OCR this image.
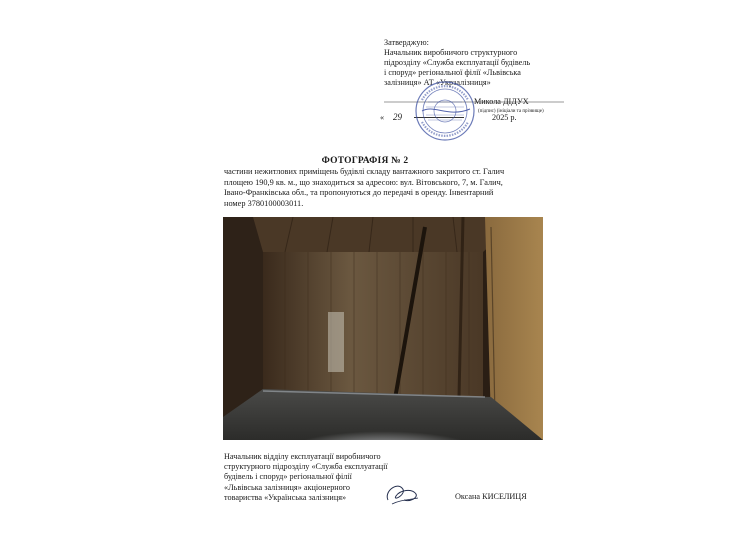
Затверджую:
Начальник виробничого структурного
підрозділу «Служба експлуатації будівель
і споруд» регіональної філії «Львівська
залізниця» АТ «Укрзалізниця»
Микола ДІДУХ
(підпис) (ініціали та прізвище)
« 29	2025 р.
ФОТОГРАФІЯ № 2
частини нежитлових приміщень будівлі складу вантажного закритого ст. Галич
площею 190,9 кв. м., що знаходиться за адресою: вул. Вітовського, 7, м. Галич,
Івано-Франківська обл., та пропонуються до передачі в оренду. Інвентарний
номер 3780100003011.
Начальник відділу експлуатації виробничого
структурного підрозділу «Служба експлуатації
будівель і споруд» регіональної філії
«Львівська залізниця» акціонерного
товариства «Українська залізниця»	Оксана КИСЕЛИЦЯ
